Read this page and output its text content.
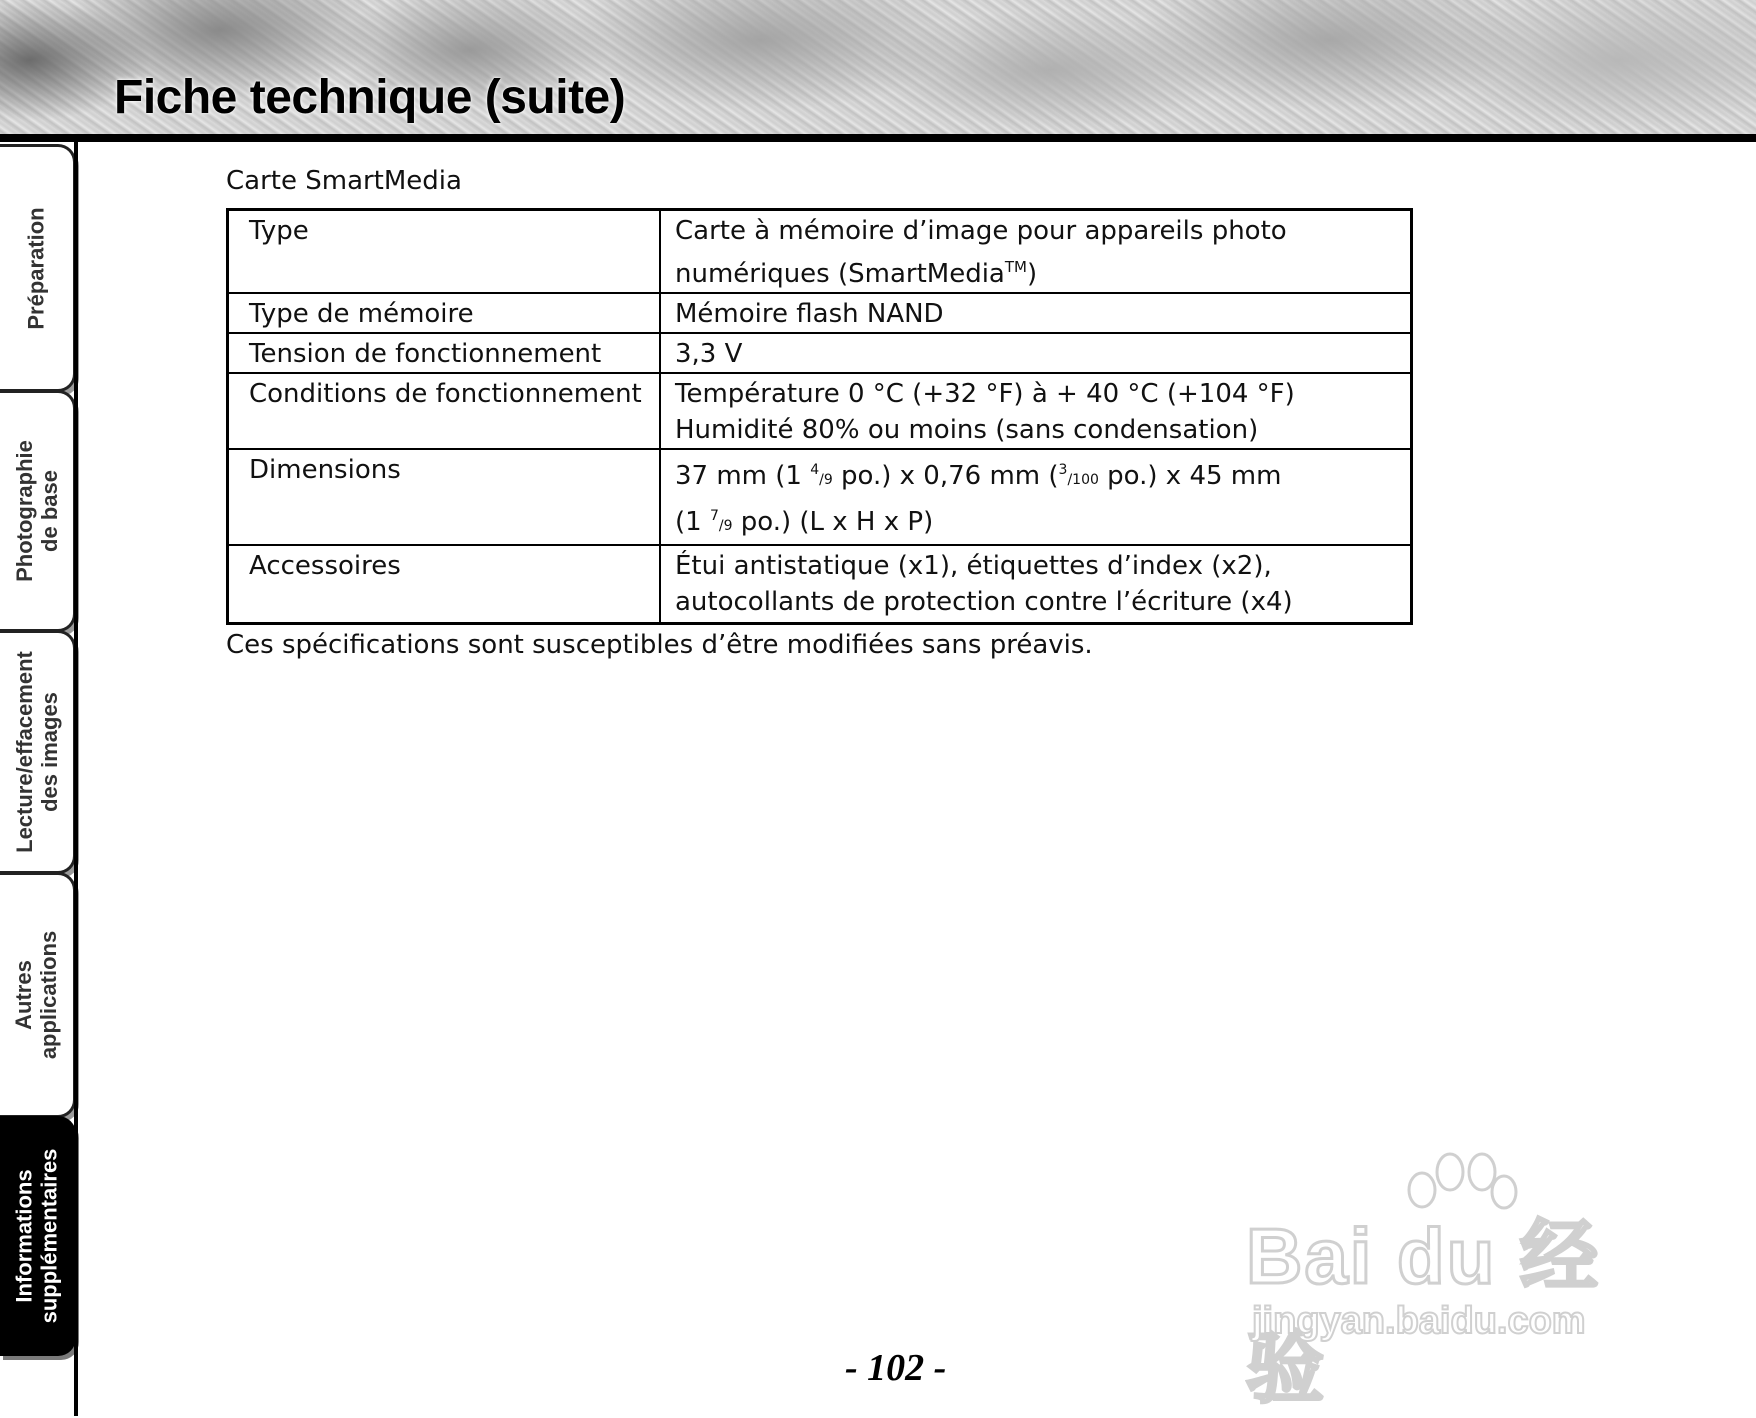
Fiche technique (suite)
Préparation
Photographie
de base
Lecture/effacement
des images
Autres
applications
Informations
supplémentaires

Carte SmartMedia

Type	Carte à mémoire d’image pour appareils photo
numériques (SmartMedia™)
Type de mémoire	Mémoire flash NAND
Tension de fonctionnement	3,3 V
Conditions de fonctionnement	Température 0 °C (+32 °F) à + 40 °C (+104 °F)
Humidité 80% ou moins (sans condensation)
Dimensions	37 mm (1 $^4$/9 po.) x 0,76 mm ($^3$/100 po.) x 45 mm
(1 $^7$/9 po.) (L x H x P)
Accessoires	Étui antistatique (x1), étiquettes d’index (x2),
autocollants de protection contre l’écriture (x4)

Ces spécifications sont susceptibles d’être modifiées sans préavis.

Bai du 经验
jingyan.baidu.com

- 102 -
